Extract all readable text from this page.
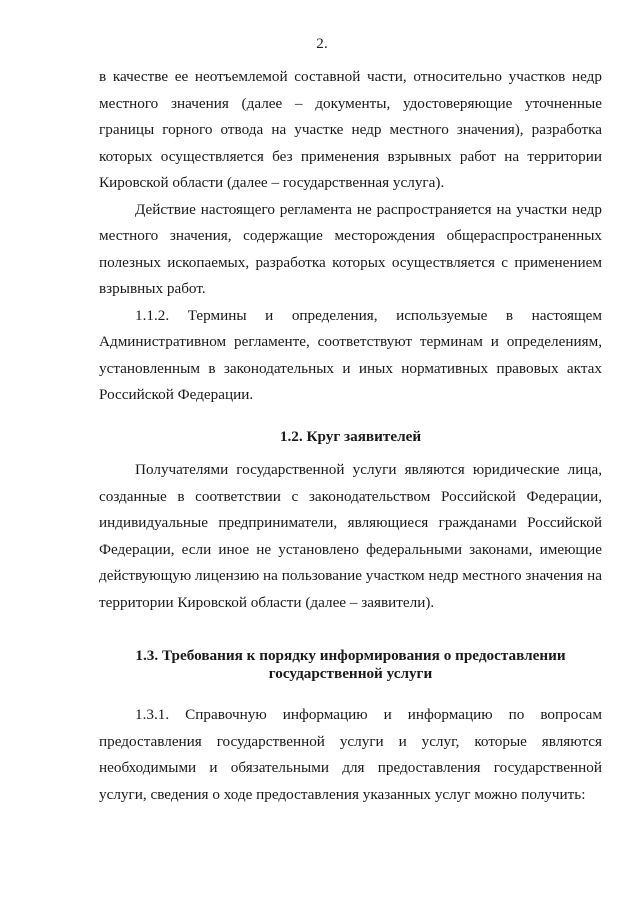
.
2

в качестве ее неотъемлемой составной части, относительно участков недр местного значения (далее – документы, удостоверяющие уточненные границы горного отвода на участке недр местного значения), разработка которых осуществляется без применения взрывных работ на территории Кировской области (далее – государственная услуга).

Действие настоящего регламента не распространяется на участки недр местного значения, содержащие месторождения общераспространенных полезных ископаемых, разработка которых осуществляется с применением взрывных работ.

1.1.2. Термины и определения, используемые в настоящем Административном регламенте, соответствуют терминам и определениям, установленным в законодательных и иных нормативных правовых актах Российской Федерации.

1.2. Круг заявителей

Получателями государственной услуги являются юридические лица, созданные в соответствии с законодательством Российской Федерации, индивидуальные предприниматели, являющиеся гражданами Российской Федерации, если иное не установлено федеральными законами, имеющие действующую лицензию на пользование участком недр местного значения на территории Кировской области (далее – заявители).

1.3. Требования к порядку информирования о предоставлении
государственной услуги

1.3.1. Справочную информацию и информацию по вопросам предоставления государственной услуги и услуг, которые являются необходимыми и обязательными для предоставления государственной услуги, сведения о ходе предоставления указанных услуг можно получить:
